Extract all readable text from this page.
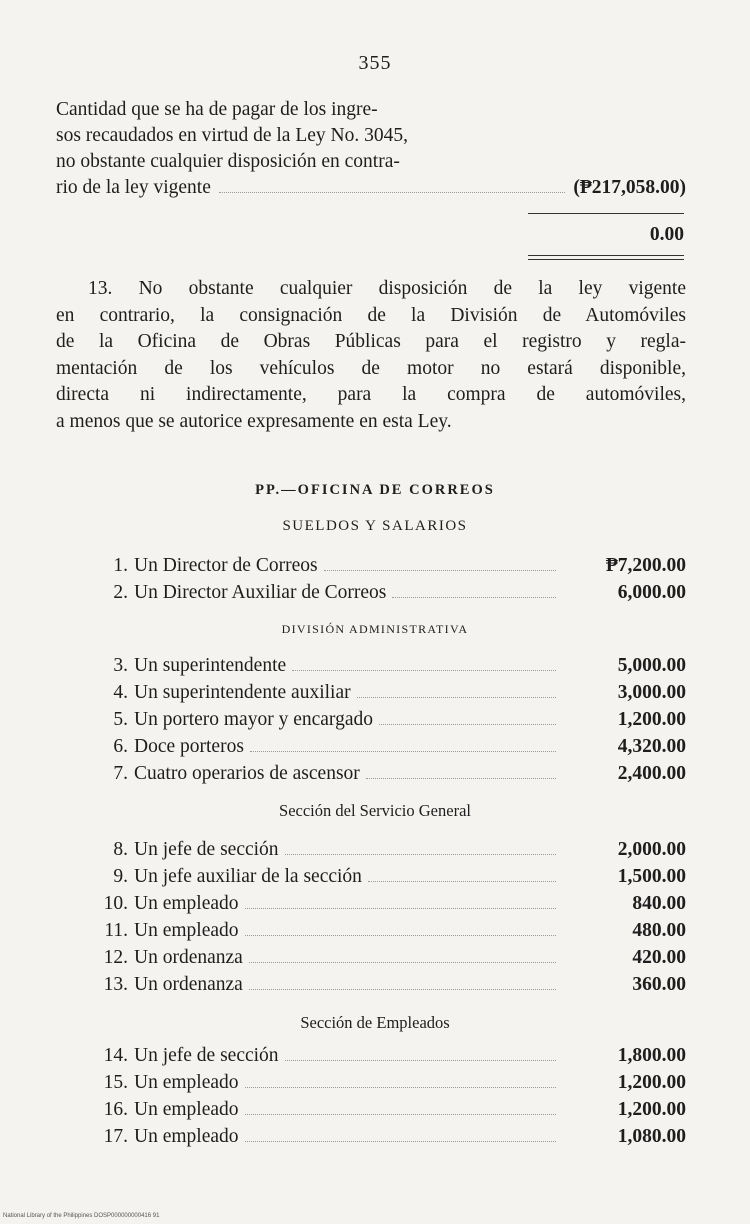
355
Cantidad que se ha de pagar de los ingre-
sos recaudados en virtud de la Ley No. 3045,
no obstante cualquier disposición en contra-
rio de la ley vigente	(₱217,058.00)
0.00
13. No obstante cualquier disposición de la ley vigente
en contrario, la consignación de la División de Automóviles
de la Oficina de Obras Públicas para el registro y regla-
mentación de los vehículos de motor no estará disponible,
directa ni indirectamente, para la compra de automóviles,
a menos que se autorice expresamente en esta Ley.
PP.—OFICINA DE CORREOS
SUELDOS Y SALARIOS
1. Un Director de Correos	₱7,200.00
2. Un Director Auxiliar de Correos	6,000.00
DIVISIÓN ADMINISTRATIVA
3. Un superintendente	5,000.00
4. Un superintendente auxiliar	3,000.00
5. Un portero mayor y encargado	1,200.00
6. Doce porteros	4,320.00
7. Cuatro operarios de ascensor	2,400.00
Sección del Servicio General
8. Un jefe de sección	2,000.00
9. Un jefe auxiliar de la sección	1,500.00
10. Un empleado	840.00
11. Un empleado	480.00
12. Un ordenanza	420.00
13. Un ordenanza	360.00
Sección de Empleados
14. Un jefe de sección	1,800.00
15. Un empleado	1,200.00
16. Un empleado	1,200.00
17. Un empleado	1,080.00
National Library of the Philippines DOSP000000000416 91
